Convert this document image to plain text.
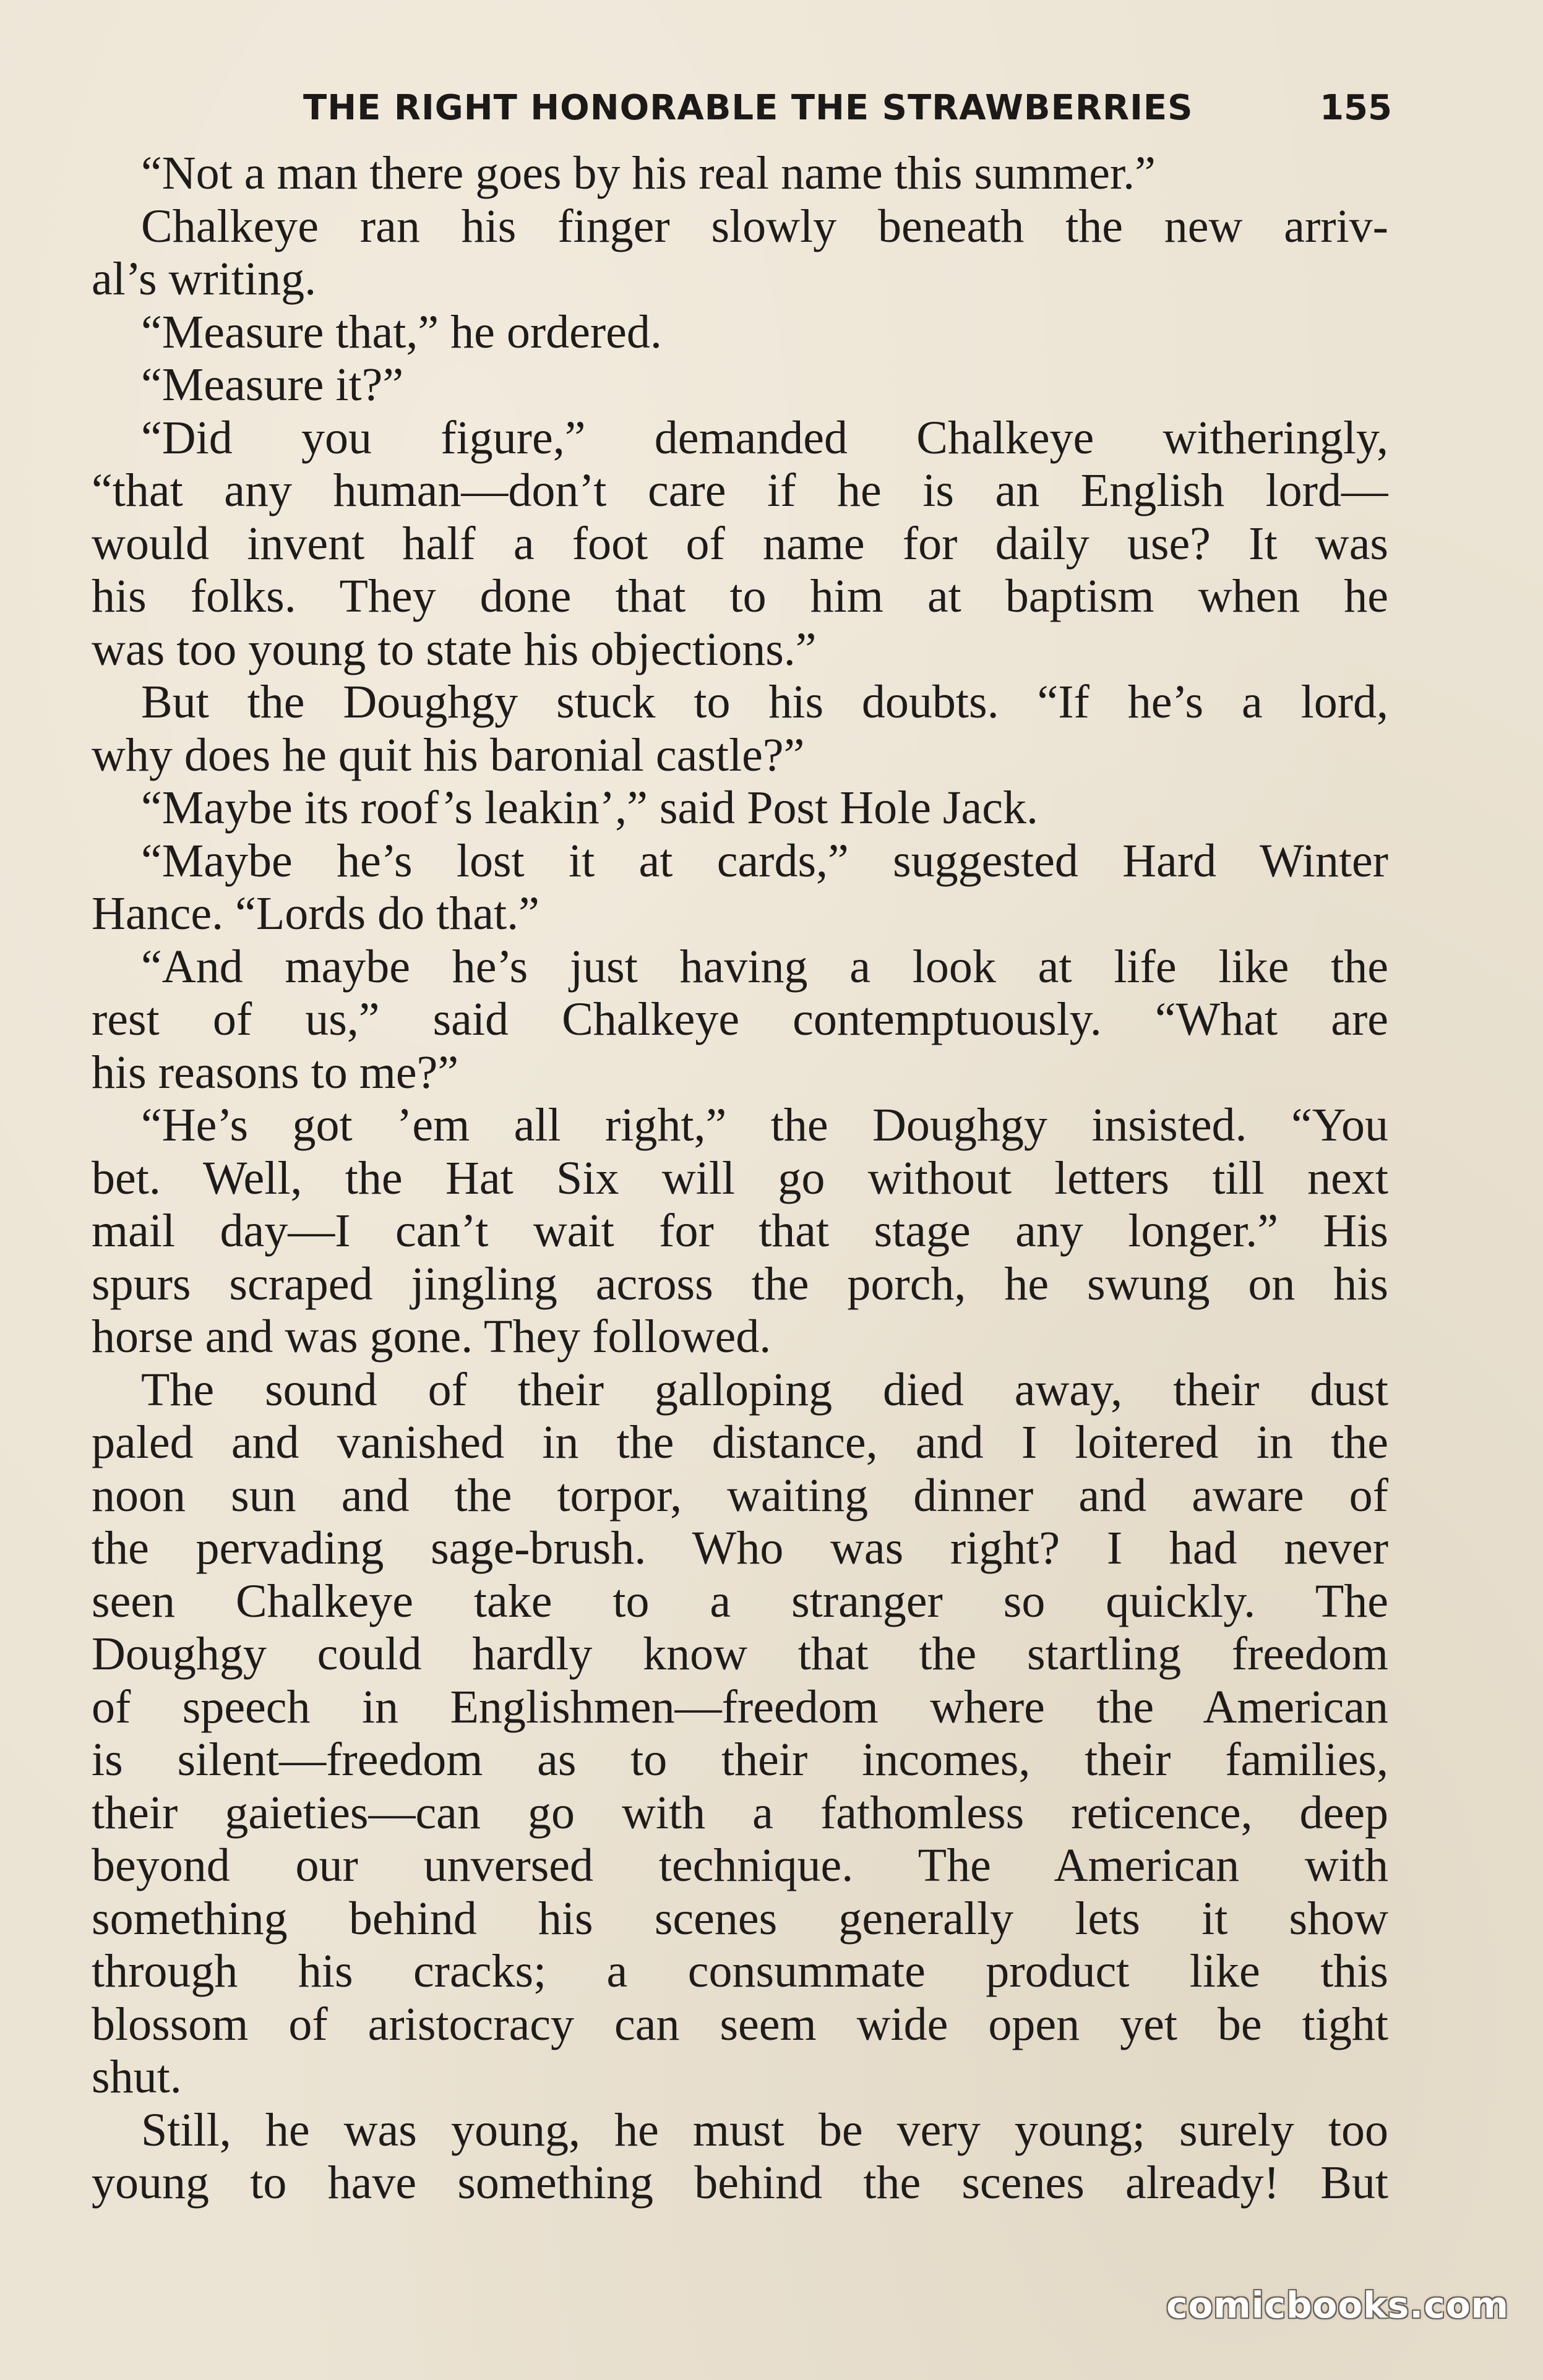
THE RIGHT HONORABLE THE STRAWBERRIES	155
“Not a man there goes by his real name this summer.”
Chalkeye ran his finger slowly beneath the new arriv-
al’s writing.
“Measure that,” he ordered.
“Measure it?”
“Did you figure,” demanded Chalkeye witheringly,
“that any human—don’t care if he is an English lord—
would invent half a foot of name for daily use? It was
his folks. They done that to him at baptism when he
was too young to state his objections.”
But the Doughgy stuck to his doubts. “If he’s a lord,
why does he quit his baronial castle?”
“Maybe its roof’s leakin’,” said Post Hole Jack.
“Maybe he’s lost it at cards,” suggested Hard Winter
Hance. “Lords do that.”
“And maybe he’s just having a look at life like the
rest of us,” said Chalkeye contemptuously. “What are
his reasons to me?”
“He’s got ’em all right,” the Doughgy insisted. “You
bet. Well, the Hat Six will go without letters till next
mail day—I can’t wait for that stage any longer.” His
spurs scraped jingling across the porch, he swung on his
horse and was gone. They followed.
The sound of their galloping died away, their dust
paled and vanished in the distance, and I loitered in the
noon sun and the torpor, waiting dinner and aware of
the pervading sage-brush. Who was right? I had never
seen Chalkeye take to a stranger so quickly. The
Doughgy could hardly know that the startling freedom
of speech in Englishmen—freedom where the American
is silent—freedom as to their incomes, their families,
their gaieties—can go with a fathomless reticence, deep
beyond our unversed technique. The American with
something behind his scenes generally lets it show
through his cracks; a consummate product like this
blossom of aristocracy can seem wide open yet be tight
shut.
Still, he was young, he must be very young; surely too
young to have something behind the scenes already! But
comicbooks.com
